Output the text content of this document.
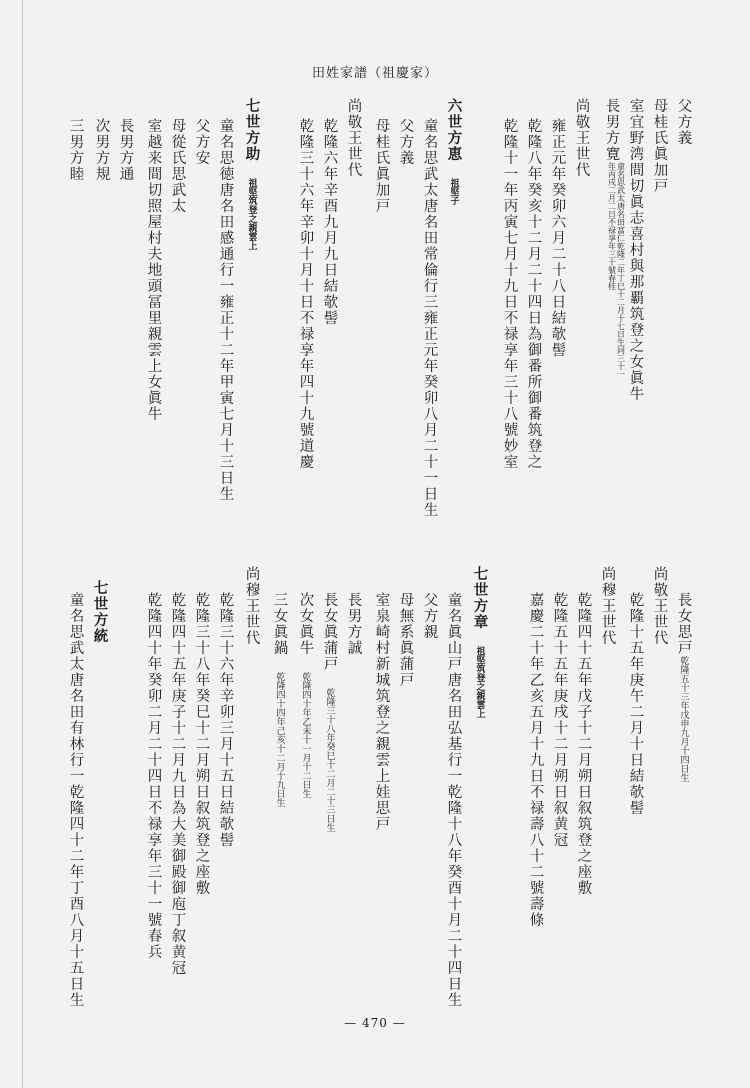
田姓家譜（祖慶家）
父方義
母桂氏眞加戸
室宜野湾間切眞志喜村與那覇筑登之女眞牛
長男方寛童名思武太唐名田富仁乾隆二年丁巳十二月十七日生同三十一年丙戌二月二日不禄享年三十號春桂
尚敬王世代
雍正元年癸卯六月二十八日結欹髻
乾隆八年癸亥十二月二十四日為御番所御番筑登之
乾隆十一年丙寅七月十九日不禄享年三十八號妙室
六世方恵　祖堅子
童名思武太唐名田常倫行三雍正元年癸卯八月二十一日生
父方義
母桂氏眞加戸
尚敬王世代
乾隆六年辛酉九月九日結欹髻
乾隆三十六年辛卯十月十日不禄享年四十九號道慶
七世方助　祖堅筑登之親雲上
童名思徳唐名田感通行一雍正十二年甲寅七月十三日生
父方安
母從氏思武太
室越来間切照屋村夫地頭冨里親雲上女眞牛
長男方通
次男方規
三男方睦
長女思戸乾隆五十三年戊申九月十四日生
尚敬王世代
乾隆十五年庚午二月十日結欹髻
尚穆王世代
乾隆四十五年戊子十二月朔日叙筑登之座敷
乾隆五十五年庚戌十二月朔日叙黄冠
嘉慶二十年乙亥五月十九日不禄壽八十二號壽條
七世方章　祖堅筑登之親雲上
童名眞山戸唐名田弘基行一乾隆十八年癸酉十月二十四日生
父方親
母無系眞蒲戸
室泉崎村新城筑登之親雲上娃思戸
長男方誠
長女眞蒲戸　乾隆三十八年癸巳十二月二十三日生
次女眞牛　乾隆四十年乙未十一月十二日生
三女眞鍋　乾隆四十四年己亥十二月十九日生
尚穆王世代
乾隆三十六年辛卯三月十五日結欹髻
乾隆三十八年癸巳十二月朔日叙筑登之座敷
乾隆四十五年庚子十二月九日為大美御殿御庖丁叙黄冠
乾隆四十年癸卯二月二十四日不禄享年三十一號春兵
七世方統
童名思武太唐名田有林行一乾隆四十二年丁酉八月十五日生
— 470 —
